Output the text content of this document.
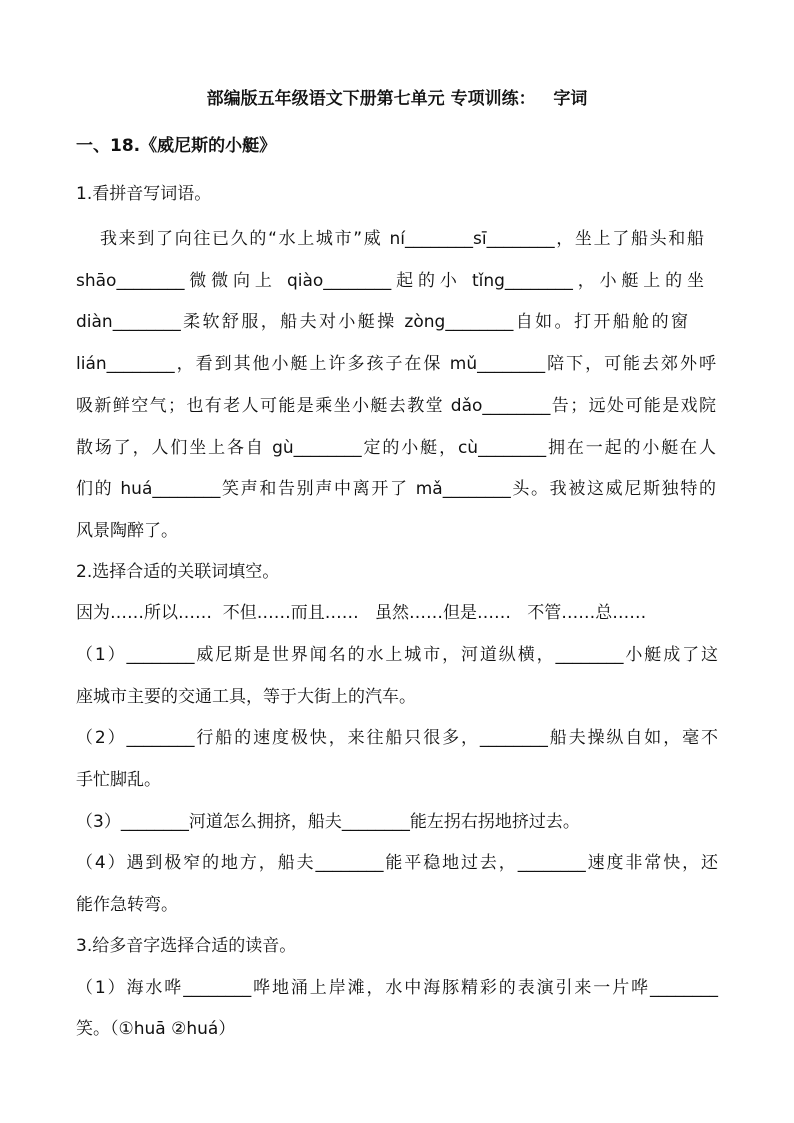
部编版五年级语文下册第七单元 专项训练：   字词
一、18.《威尼斯的小艇》
1.看拼音写词语。
我来到了向往已久的“水上城市”威 ní________sī________，坐上了船头和船
shāo________微微向上 qiào________起的小 tǐng________，小艇上的坐
diàn________柔软舒服，船夫对小艇操 zòng________自如。打开船舱的窗
lián________，看到其他小艇上许多孩子在保 mǔ________陪下，可能去郊外呼
吸新鲜空气；也有老人可能是乘坐小艇去教堂 dǎo________告；远处可能是戏院
散场了，人们坐上各自 gù________定的小艇，cù________拥在一起的小艇在人
们的 huá________笑声和告别声中离开了 mǎ________头。我被这威尼斯独特的
风景陶醉了。
2.选择合适的关联词填空。
因为……所以……  不但……而且……   虽然……但是……   不管……总……
（1）________威尼斯是世界闻名的水上城市，河道纵横，________小艇成了这
座城市主要的交通工具，等于大街上的汽车。
（2）________行船的速度极快，来往船只很多，________船夫操纵自如，毫不
手忙脚乱。
（3）________河道怎么拥挤，船夫________能左拐右拐地挤过去。
（4）遇到极窄的地方，船夫________能平稳地过去，________速度非常快，还
能作急转弯。
3.给多音字选择合适的读音。
（1）海水哗________哗地涌上岸滩，水中海豚精彩的表演引来一片哗________
笑。（①huā ②huá）
